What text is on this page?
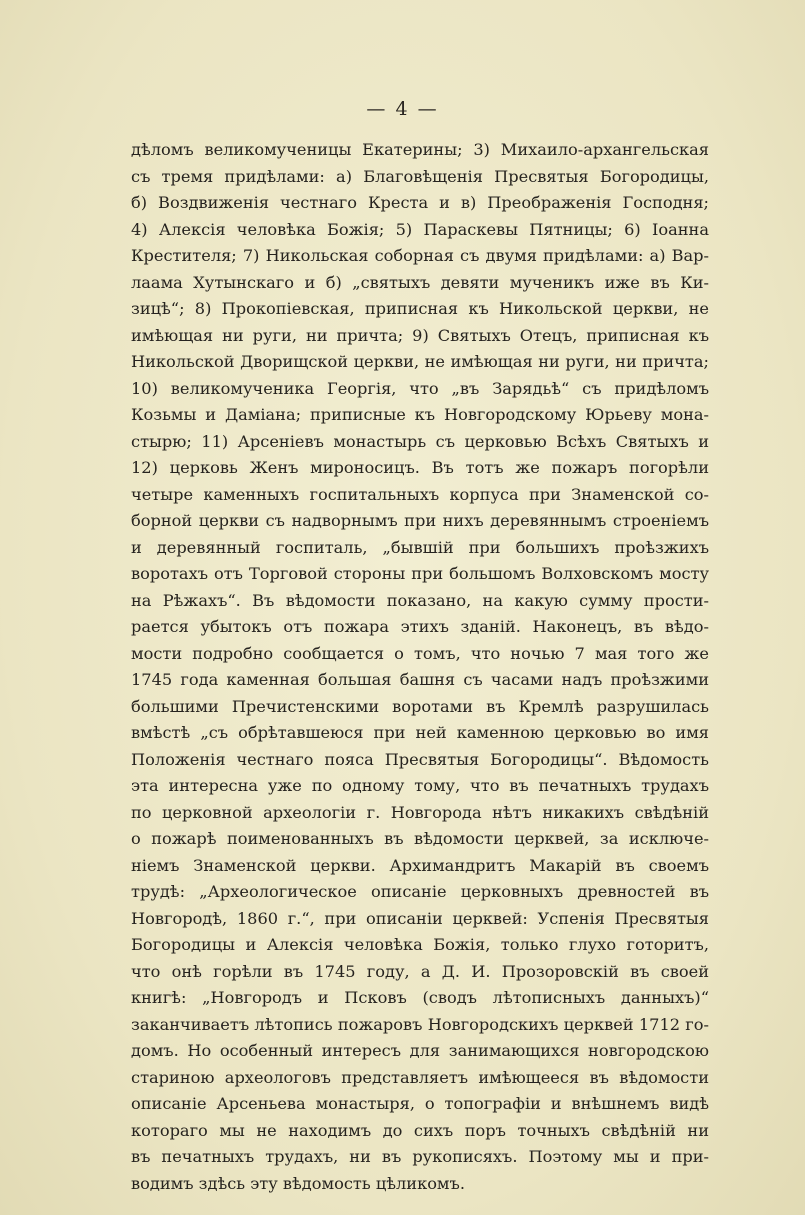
— 4 —
дѣломъ великомученицы Екатерины; 3) Михаило-архангельская
съ тремя придѣлами: а) Благовѣщенія Пресвятыя Богородицы,
б) Воздвиженія честнаго Креста и в) Преображенія Господня;
4) Алексія человѣка Божія; 5) Параскевы Пятницы; 6) Іоанна
Крестителя; 7) Никольская соборная съ двумя придѣлами: а) Вар-
лаама Хутынскаго и б) „святыхъ девяти мученикъ иже въ Ки-
зицѣ“; 8) Прокопіевская, приписная къ Никольской церкви, не
имѣющая ни руги, ни причта; 9) Святыхъ Отецъ, приписная къ
Никольской Дворищской церкви, не имѣющая ни руги, ни причта;
10) великомученика Георгія, что „въ Зарядьѣ“ съ придѣломъ
Козьмы и Даміана; приписные къ Новгородскому Юрьеву мона-
стырю; 11) Арсеніевъ монастырь съ церковью Всѣхъ Святыхъ и
12) церковь Женъ мироносицъ. Въ тотъ же пожаръ погорѣли
четыре каменныхъ госпитальныхъ корпуса при Знаменской со-
борной церкви съ надворнымъ при нихъ деревяннымъ строеніемъ
и деревянный госпиталь, „бывшій при большихъ проѣзжихъ
воротахъ отъ Торговой стороны при большомъ Волховскомъ мосту
на Рѣжахъ“. Въ вѣдомости показано, на какую сумму прости-
рается убытокъ отъ пожара этихъ зданій. Наконецъ, въ вѣдо-
мости подробно сообщается о томъ, что ночью 7 мая того же
1745 года каменная большая башня съ часами надъ проѣзжими
большими Пречистенскими воротами въ Кремлѣ разрушилась
вмѣстѣ „съ обрѣтавшеюся при ней каменною церковью во имя
Положенія честнаго пояса Пресвятыя Богородицы“. Вѣдомость
эта интересна уже по одному тому, что въ печатныхъ трудахъ
по церковной археологіи г. Новгорода нѣтъ никакихъ свѣдѣній
о пожарѣ поименованныхъ въ вѣдомости церквей, за исключе-
ніемъ Знаменской церкви. Архимандритъ Макарій въ своемъ
трудѣ: „Археологическое описаніе церковныхъ древностей въ
Новгородѣ, 1860 г.“, при описаніи церквей: Успенія Пресвятыя
Богородицы и Алексія человѣка Божія, только глухо готоритъ,
что онѣ горѣли въ 1745 году, а Д. И. Прозоровскій въ своей
книгѣ: „Новгородъ и Псковъ (сводъ лѣтописныхъ данныхъ)“
заканчиваетъ лѣтопись пожаровъ Новгородскихъ церквей 1712 го-
домъ. Но особенный интересъ для занимающихся новгородскою
стариною археологовъ представляетъ имѣющееся въ вѣдомости
описаніе Арсеньева монастыря, о топографіи и внѣшнемъ видѣ
котораго мы не находимъ до сихъ поръ точныхъ свѣдѣній ни
въ печатныхъ трудахъ, ни въ рукописяхъ. Поэтому мы и при-
водимъ здѣсь эту вѣдомость цѣликомъ.
